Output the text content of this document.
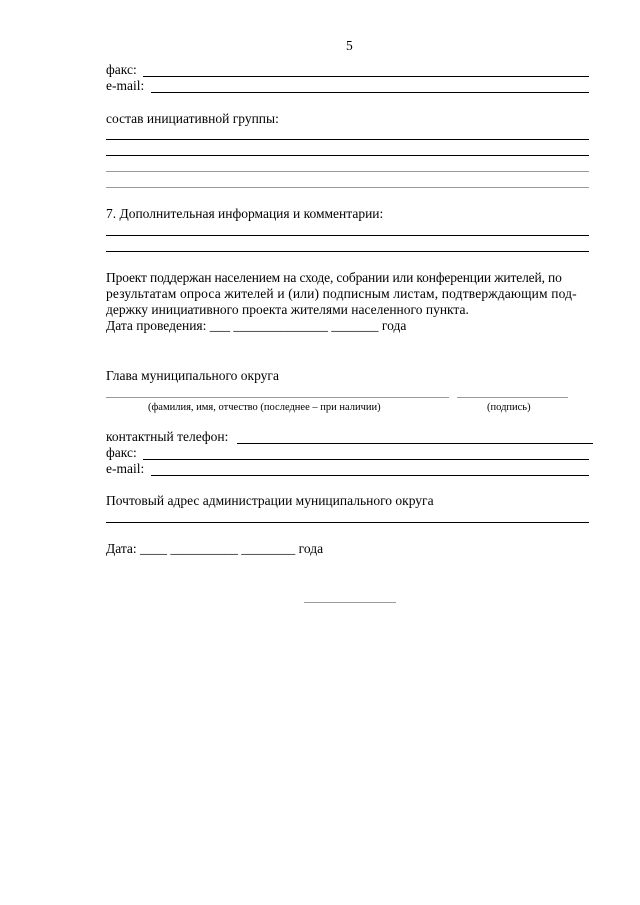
5
факс:
e-mail:
состав инициативной группы:
7. Дополнительная информация и комментарии:
Проект поддержан населением на сходе, собрании или конференции жителей, по
результатам опроса жителей и (или) подписным листам, подтверждающим под-
держку инициативного проекта жителями населенного пункта.
Дата проведения: ___ ______________ _______ года
Глава муниципального округа
(фамилия, имя, отчество (последнее – при наличии)	(подпись)
контактный телефон:
факс:
e-mail:
Почтовый адрес администрации муниципального округа
Дата: ____ __________ ________ года
